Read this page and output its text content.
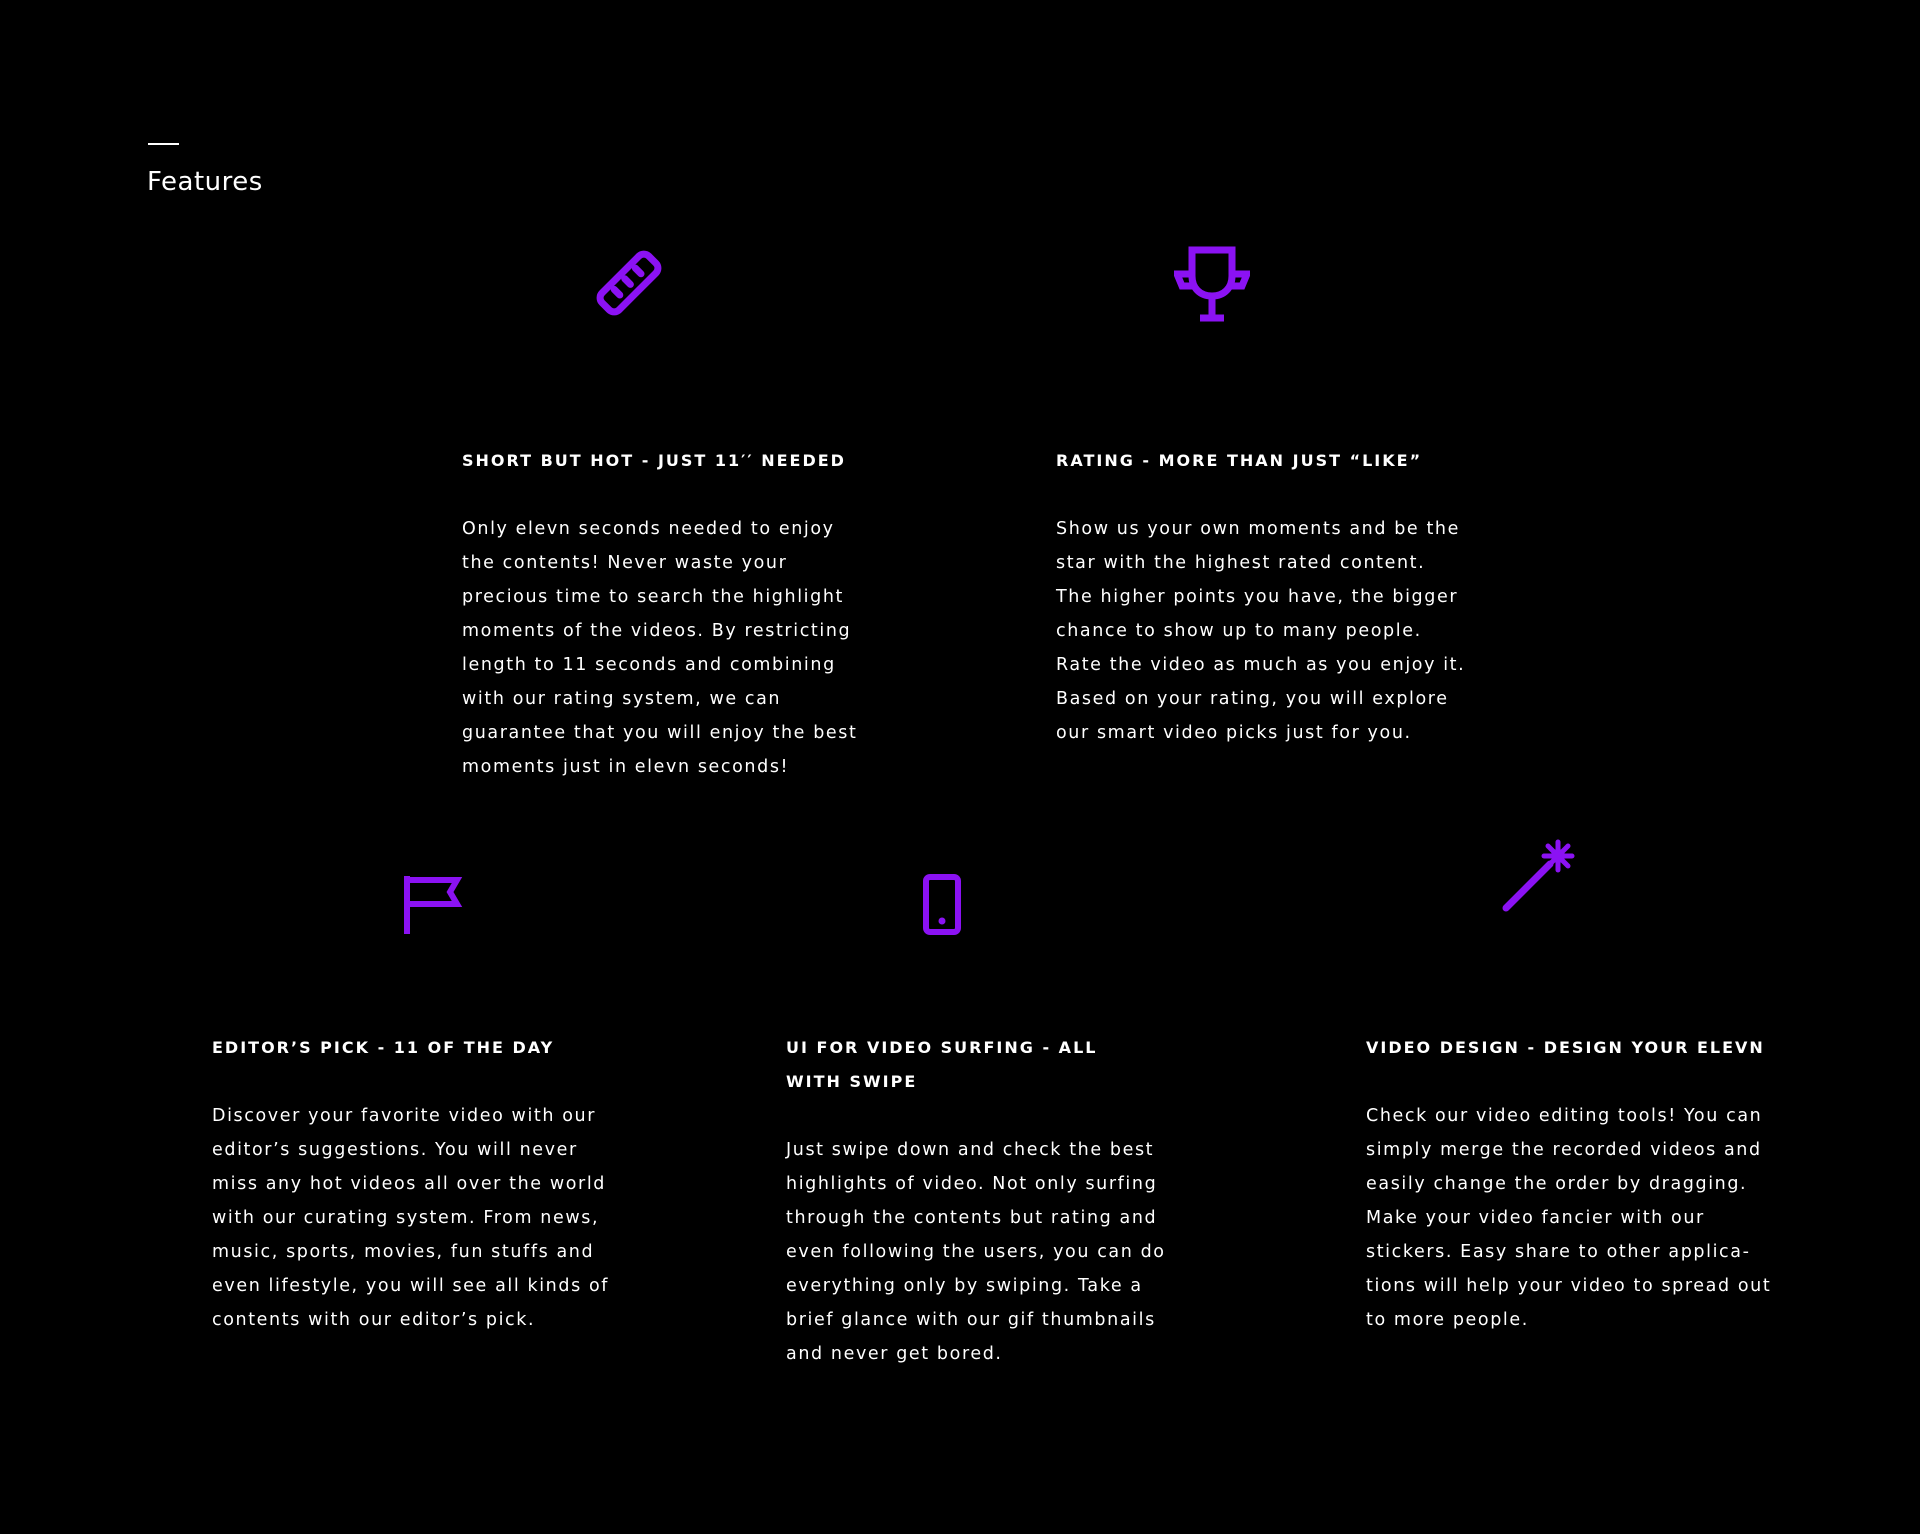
Features
SHORT BUT HOT - JUST 11′′ NEEDED

Only elevn seconds needed to enjoy the contents! Never waste your precious time to search the highlight moments of the videos. By restricting length to 11 seconds and combining with our rating system, we can guarantee that you will enjoy the best moments just in elevn seconds!

RATING - MORE THAN JUST “LIKE”

Show us your own moments and be the star with the highest rated content. The higher points you have, the bigger chance to show up to many people. Rate the video as much as you enjoy it. Based on your rating, you will explore our smart video picks just for you.

EDITOR’S PICK - 11 OF THE DAY

Discover your favorite video with our editor’s suggestions. You will never miss any hot videos all over the world with our curating system. From news, music, sports, movies, fun stuffs and even lifestyle, you will see all kinds of contents with our editor’s pick.

UI FOR VIDEO SURFING - ALL WITH SWIPE

Just swipe down and check the best highlights of video. Not only surfing through the contents but rating and even following the users, you can do everything only by swiping. Take a brief glance with our gif thumbnails and never get bored.

VIDEO DESIGN - DESIGN YOUR ELEVN

Check our video editing tools! You can simply merge the recorded videos and easily change the order by dragging. Make your video fancier with our stickers. Easy share to other applica-tions will help your video to spread out to more people.
